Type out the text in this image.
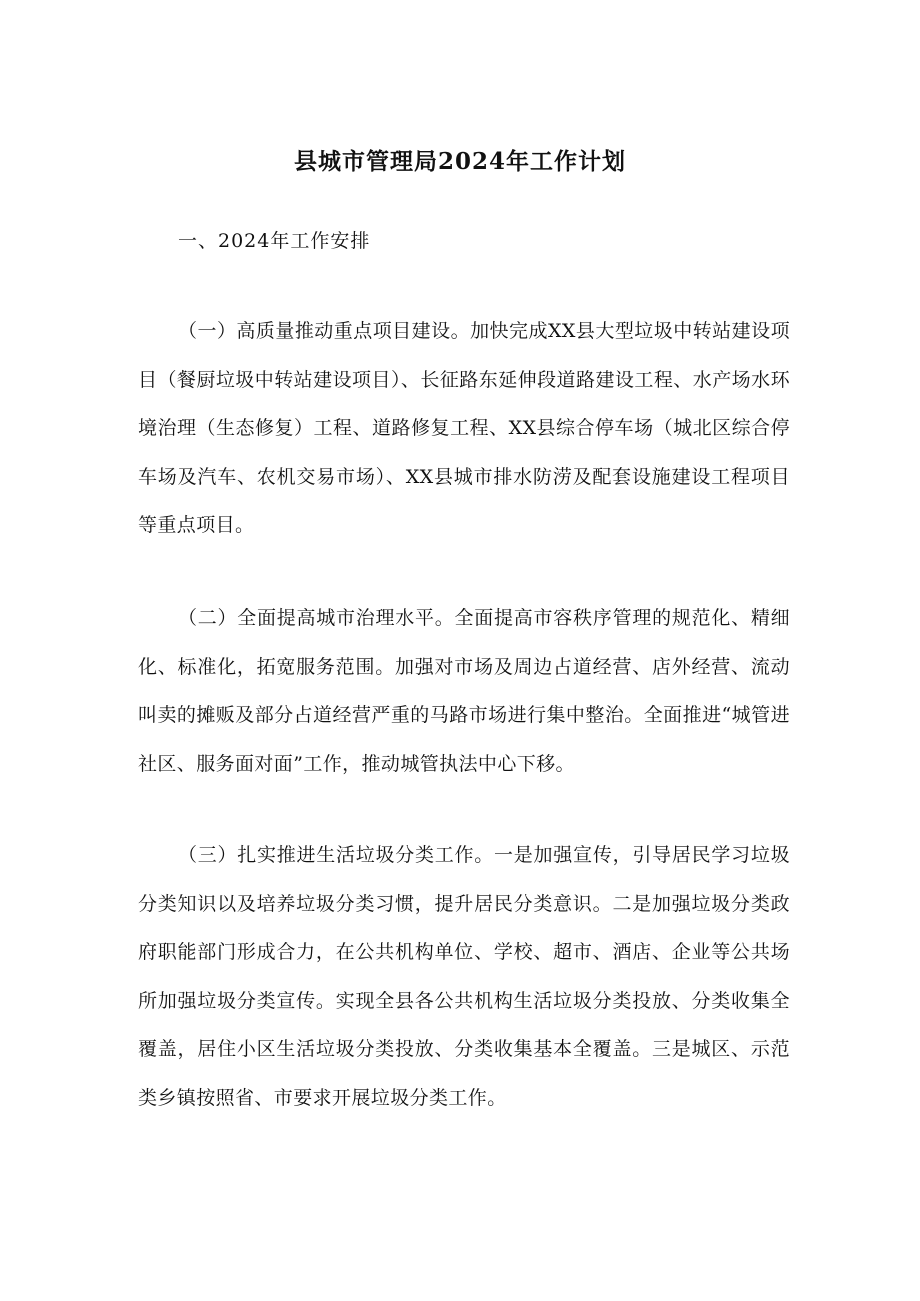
县城市管理局2024年工作计划
一、2024年工作安排
（一）高质量推动重点项目建设。加快完成XX县大型垃圾中转站建设项目（餐厨垃圾中转站建设项目）、长征路东延伸段道路建设工程、水产场水环境治理（生态修复）工程、道路修复工程、XX县综合停车场（城北区综合停车场及汽车、农机交易市场）、XX县城市排水防涝及配套设施建设工程项目等重点项目。
（二）全面提高城市治理水平。全面提高市容秩序管理的规范化、精细化、标准化，拓宽服务范围。加强对市场及周边占道经营、店外经营、流动叫卖的摊贩及部分占道经营严重的马路市场进行集中整治。全面推进“城管进社区、服务面对面”工作，推动城管执法中心下移。
（三）扎实推进生活垃圾分类工作。一是加强宣传，引导居民学习垃圾分类知识以及培养垃圾分类习惯，提升居民分类意识。二是加强垃圾分类政府职能部门形成合力，在公共机构单位、学校、超市、酒店、企业等公共场所加强垃圾分类宣传。实现全县各公共机构生活垃圾分类投放、分类收集全覆盖，居住小区生活垃圾分类投放、分类收集基本全覆盖。三是城区、示范类乡镇按照省、市要求开展垃圾分类工作。
